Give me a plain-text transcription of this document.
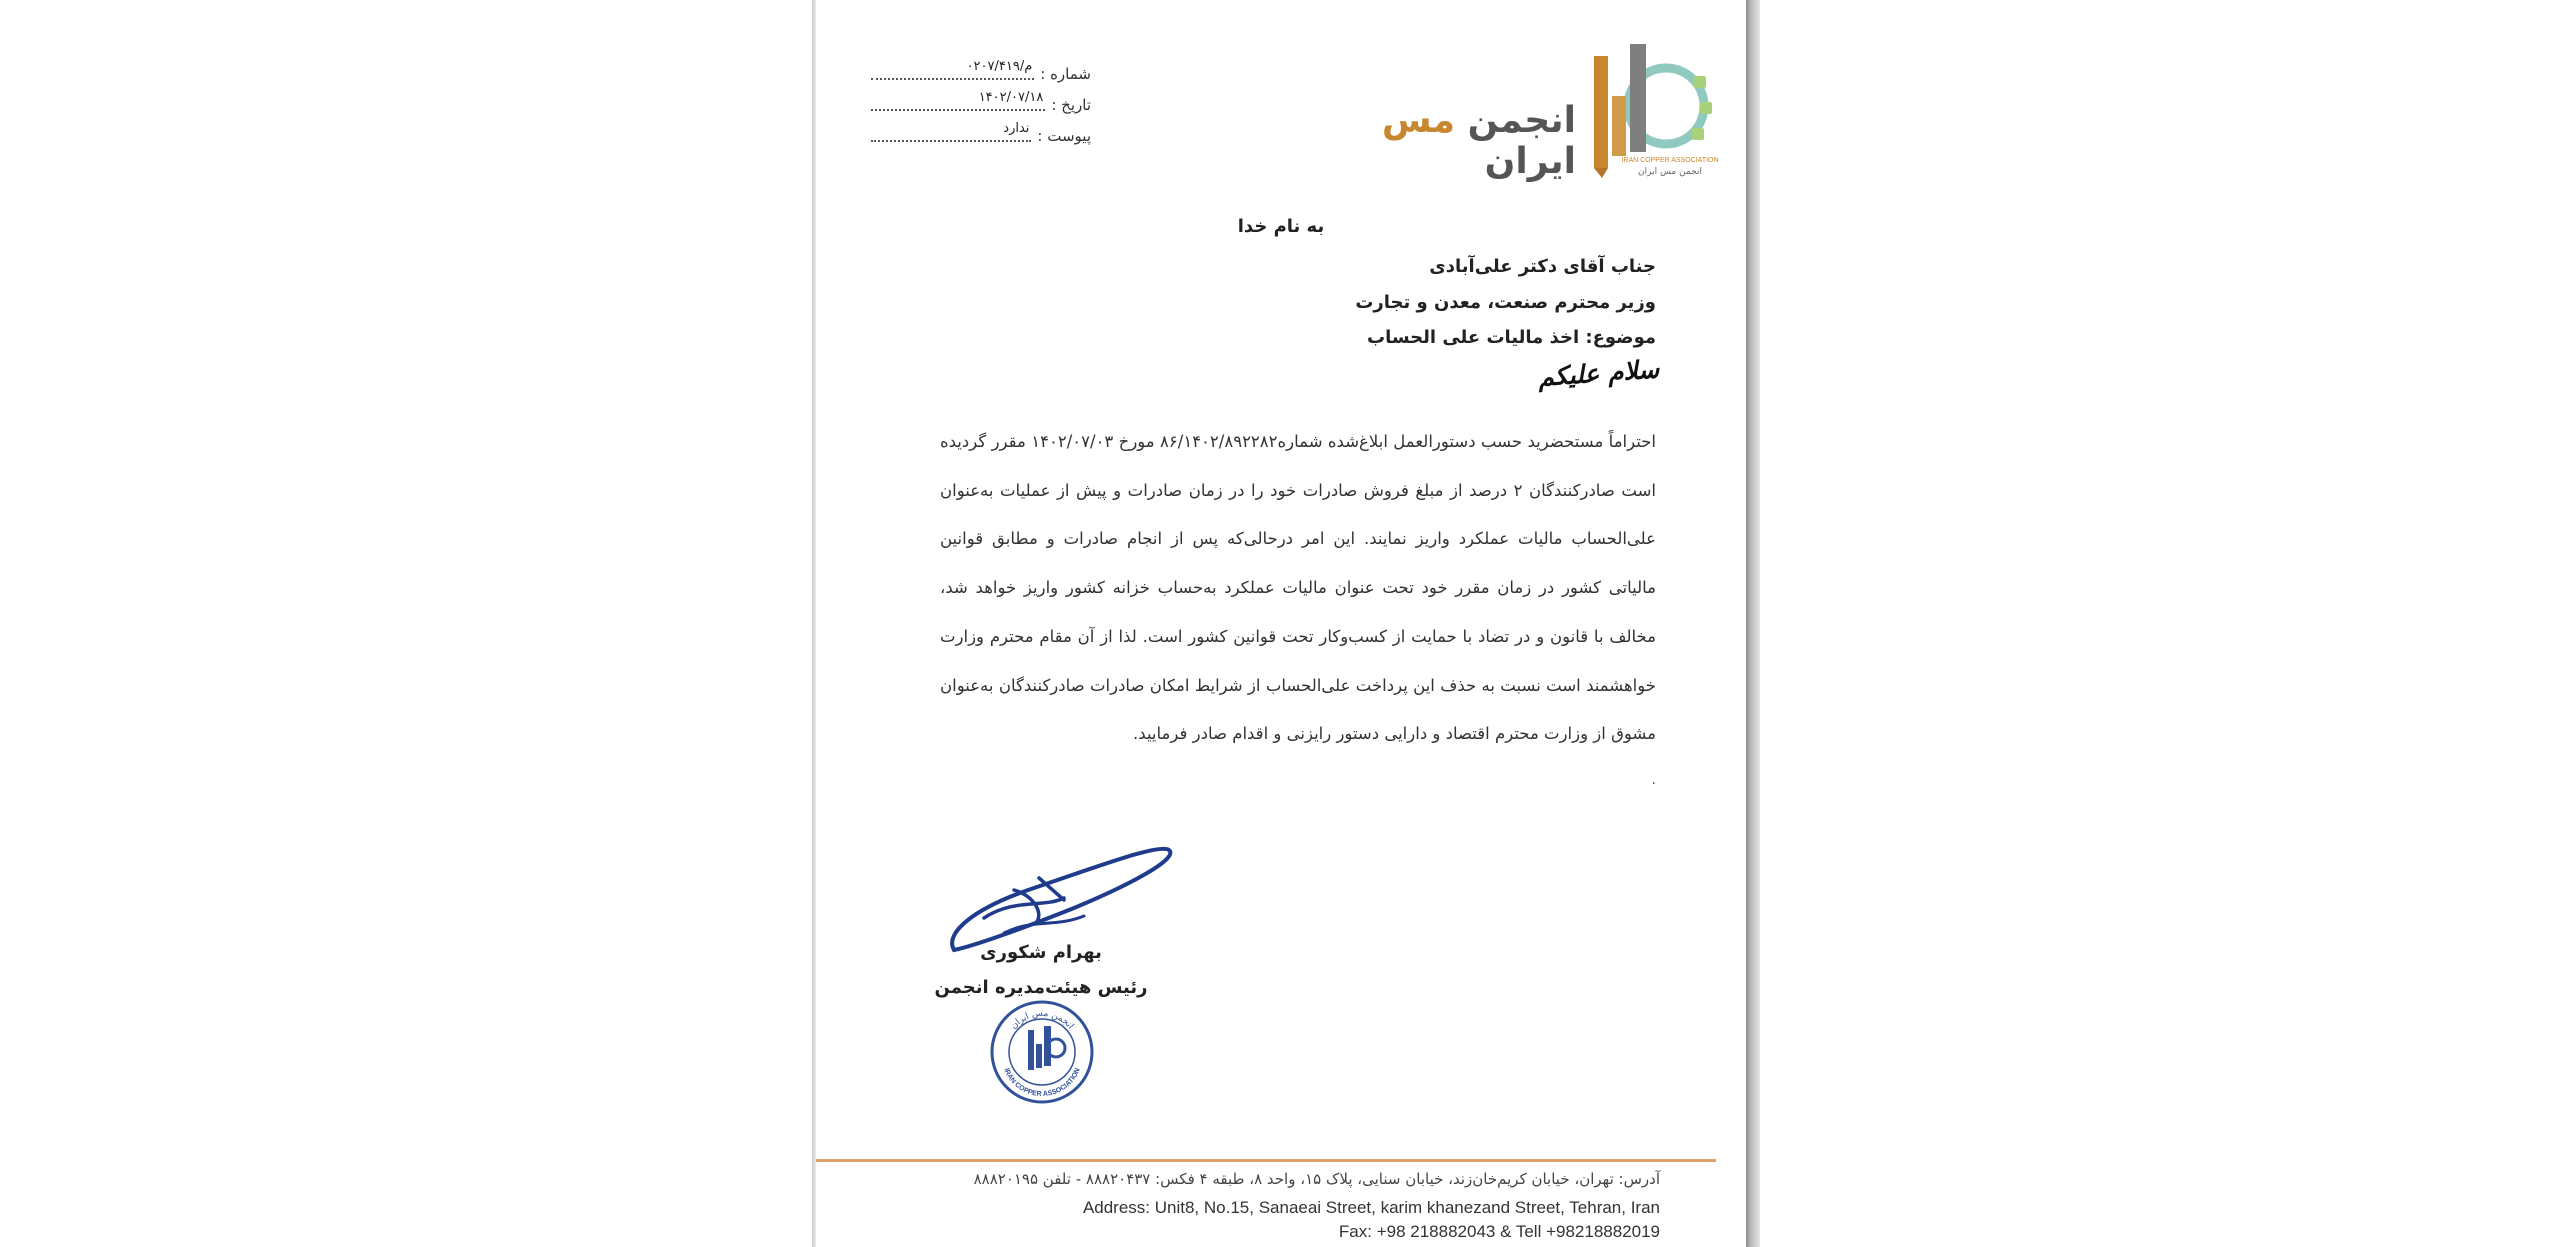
شماره :
م/۰۲۰۷/۴۱۹
تاریخ :
۱۴۰۲/۰۷/۱۸
پیوست :
ندارد	انجمن مس ایران	IRAN COPPER ASSOCIATION
انجمن مس ایران
به نام خدا
جناب آقای دکتر علی‌آبادی
وزیر محترم صنعت، معدن و تجارت
موضوع: اخذ مالیات علی الحساب
سلام علیکم
احتراماً مستحضرید حسب دستورالعمل ابلاغ‌شده شماره۸۶/۱۴۰۲/۸۹۲۲۸۲ مورخ ۱۴۰۲/۰۷/۰۳ مقرر گردیده است صادرکنندگان ۲ درصد از مبلغ فروش صادرات خود را در زمان صادرات و پیش از عملیات به‌عنوان علی‌الحساب مالیات عملکرد واریز نمایند. این امر درحالی‌که پس از انجام صادرات و مطابق قوانین مالیاتی کشور در زمان مقرر خود تحت عنوان مالیات عملکرد به‌حساب خزانه کشور واریز خواهد شد، مخالف با قانون و در تضاد با حمایت از کسب‌وکار تحت قوانین کشور است. لذا از آن مقام محترم وزارت خواهشمند است نسبت به حذف این پرداخت علی‌الحساب از شرایط امکان صادرات صادرکنندگان به‌عنوان مشوق از وزارت محترم اقتصاد و دارایی دستور رایزنی و اقدام صادر فرمایید.
.
بهرام شکوری
رئیس هیئت‌مدیره انجمن
انجمن مس ایران
IRAN COPPER ASSOCIATION
آدرس: تهران، خیابان کریم‌خان‌زند، خیابان سنایی، پلاک ۱۵، واحد ۸، طبقه ۴ فکس: ۸۸۸۲۰۴۳۷ - تلفن ۸۸۸۲۰۱۹۵
Address: Unit8, No.15, Sanaeai Street, karim khanezand Street, Tehran, Iran
Fax: +98 218882043 & Tell +98218882019
